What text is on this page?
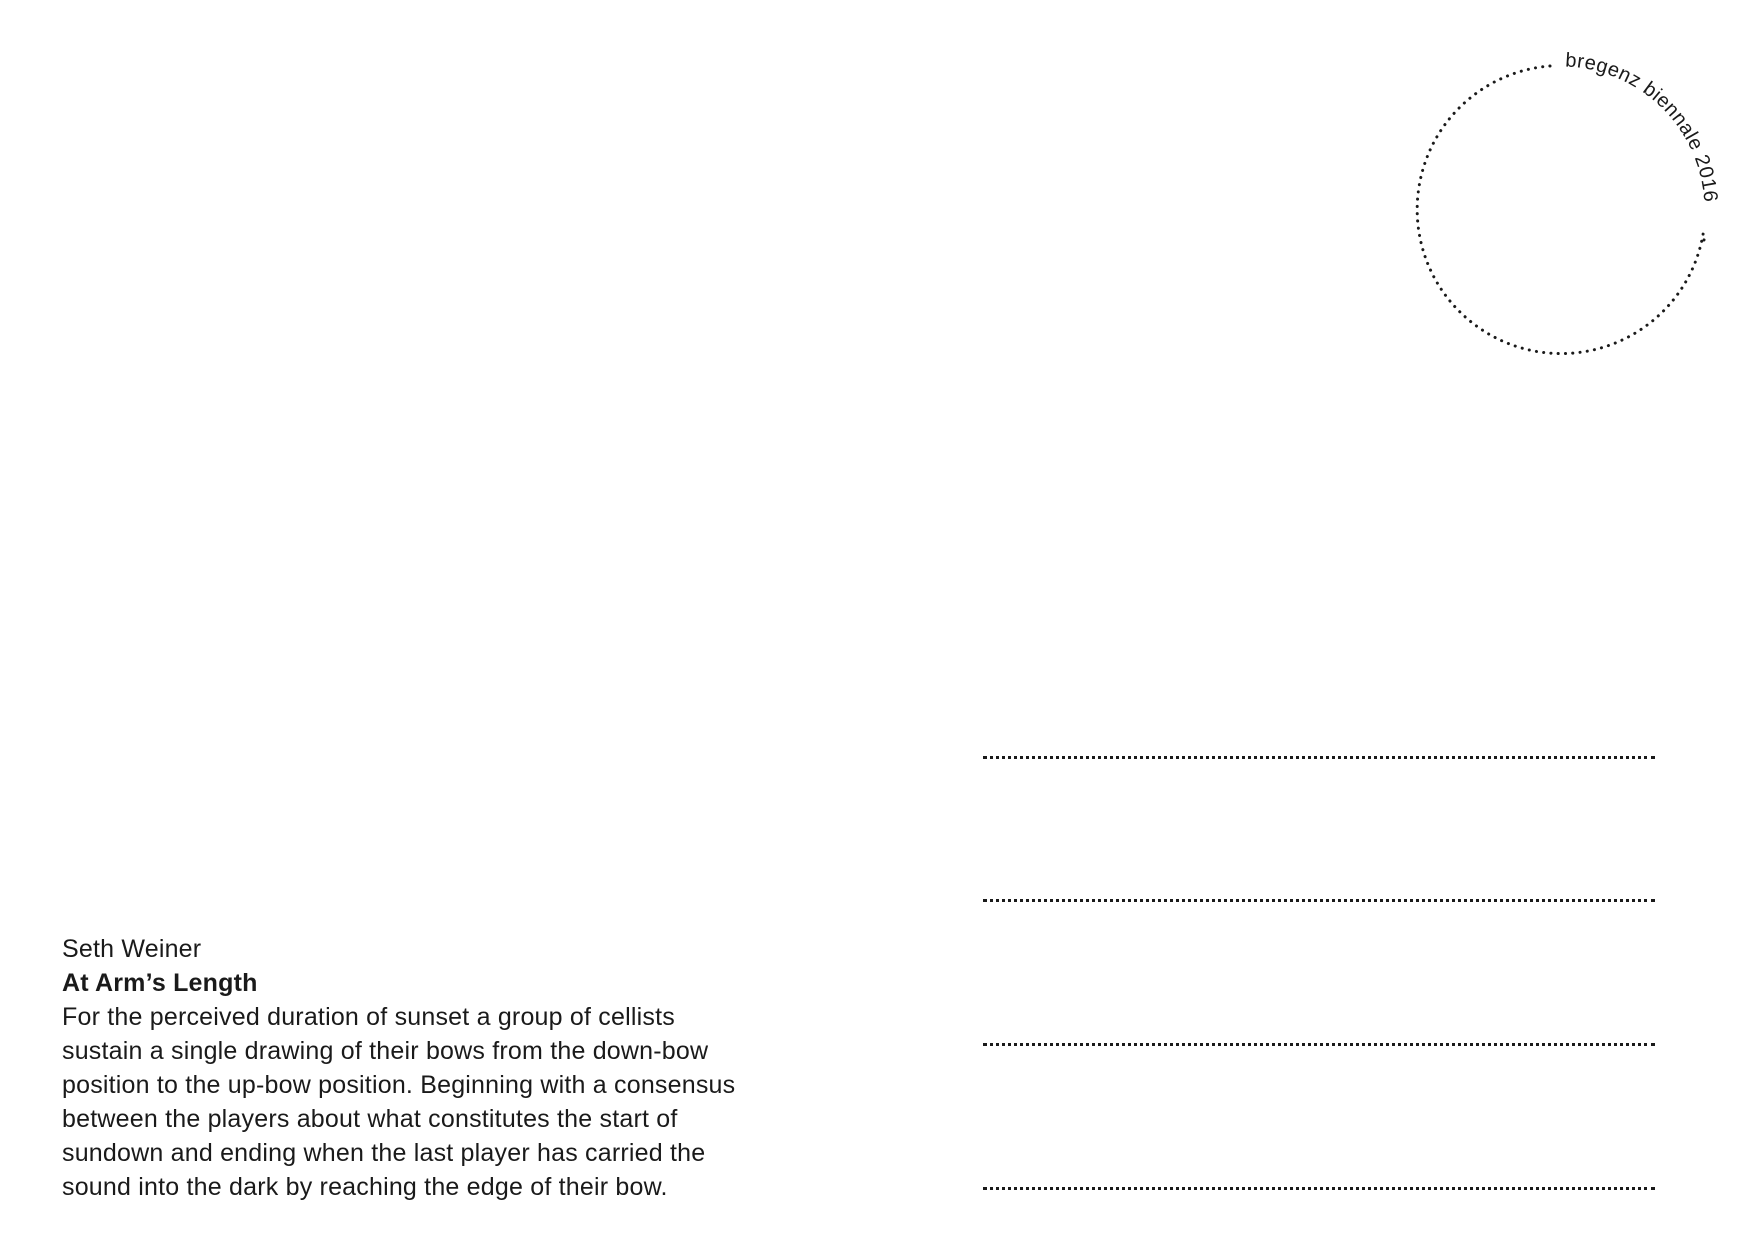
bregenz biennale 2016
Seth Weiner
At Arm’s Length
For the perceived duration of sunset a group of cellists
sustain a single drawing of their bows from the down-bow
position to the up-bow position. Beginning with a consensus
between the players about what constitutes the start of
sundown and ending when the last player has carried the
sound into the dark by reaching the edge of their bow.
